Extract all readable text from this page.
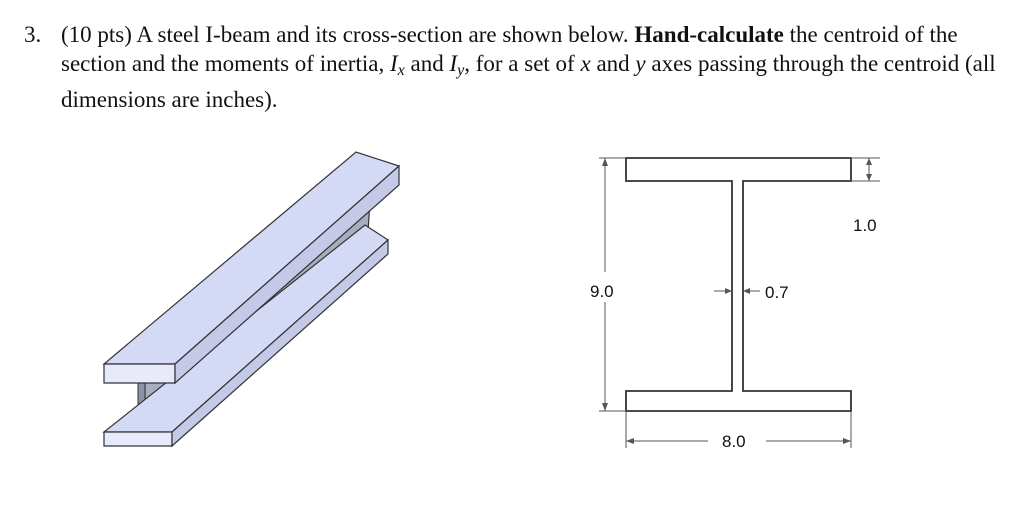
3. (10 pts) A steel I-beam and its cross-section are shown below. Hand-calculate the centroid of the section and the moments of inertia, $I_x$ and $I_y$, for a set of x and y axes passing through the centroid (all dimensions are inches).
9.0
1.0
0.7
8.0
